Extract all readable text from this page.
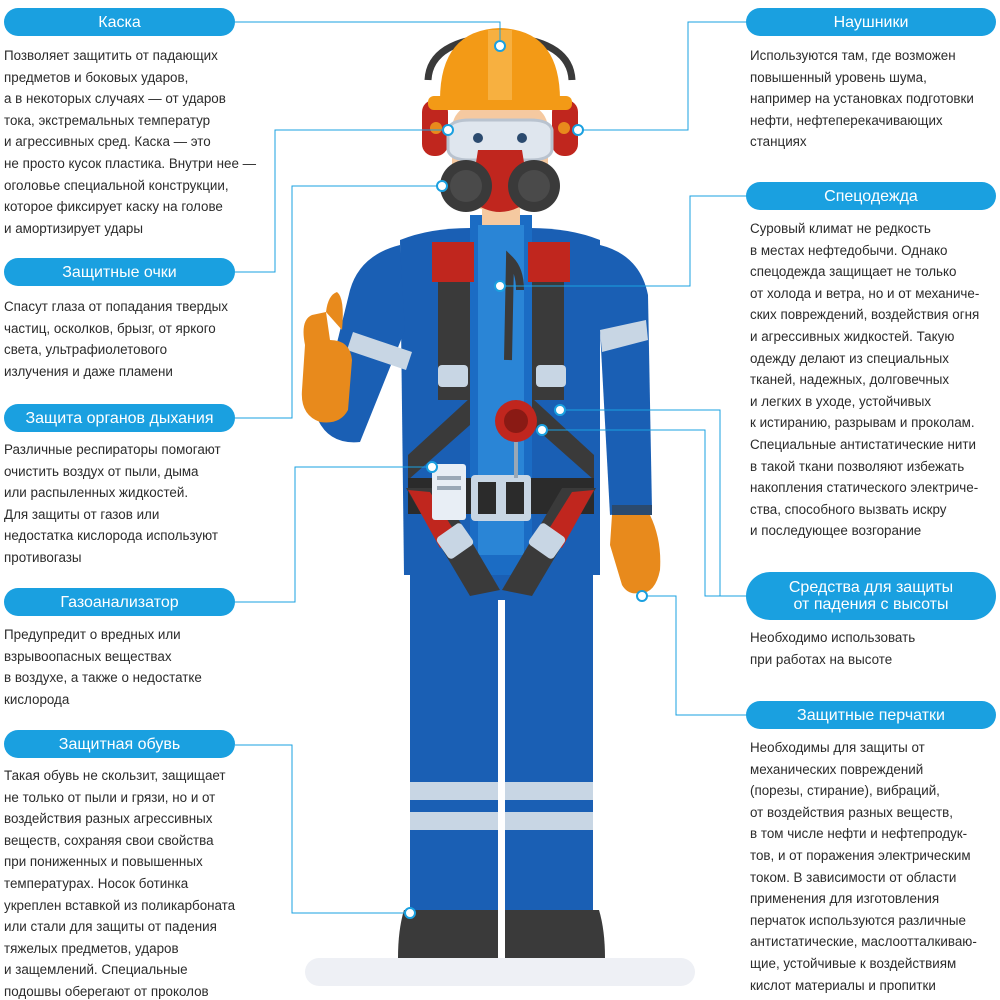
Каска
Позволяет защитить от падающих
предметов и боковых ударов,
а в некоторых случаях — от ударов
тока, экстремальных температур
и агрессивных сред. Каска — это
не просто кусок пластика. Внутри нее —
оголовье специальной конструкции,
которое фиксирует каску на голове
и амортизирует удары
Защитные очки
Спасут глаза от попадания твердых
частиц, осколков, брызг, от яркого
света, ультрафиолетового
излучения и даже пламени
Защита органов дыхания
Различные респираторы помогают
очистить воздух от пыли, дыма
или распыленных жидкостей.
Для защиты от газов или
недостатка кислорода используют
противогазы
Газоанализатор
Предупредит о вредных или
взрывоопасных веществах
в воздухе, а также о недостатке
кислорода
Защитная обувь
Такая обувь не скользит, защищает
не только от пыли и грязи, но и от
воздействия разных агрессивных
веществ, сохраняя свои свойства
при пониженных и повышенных
температурах. Носок ботинка
укреплен вставкой из поликарбоната
или стали для защиты от падения
тяжелых предметов, ударов
и защемлений. Специальные
подошвы оберегают от проколов
Наушники
Используются там, где возможен
повышенный уровень шума,
например на установках подготовки
нефти, нефтеперекачивающих
станциях
Спецодежда
Суровый климат не редкость
в местах нефтедобычи. Однако
спецодежда защищает не только
от холода и ветра, но и от механиче-
ских повреждений, воздействия огня
и агрессивных жидкостей. Такую
одежду делают из специальных
тканей, надежных, долговечных
и легких в уходе, устойчивых
к истиранию, разрывам и проколам.
Специальные антистатические нити
в такой ткани позволяют избежать
накопления статического электриче-
ства, способного вызвать искру
и последующее возгорание
Средства для защиты
от падения с высоты
Необходимо использовать
при работах на высоте
Защитные перчатки
Необходимы для защиты от
механических повреждений
(порезы, стирание), вибраций,
от воздействия разных веществ,
в том числе нефти и нефтепродук-
тов, и от поражения электрическим
током. В зависимости от области
применения для изготовления
перчаток используются различные
антистатические, маслоотталкиваю-
щие, устойчивые к воздействиям
кислот материалы и пропитки
